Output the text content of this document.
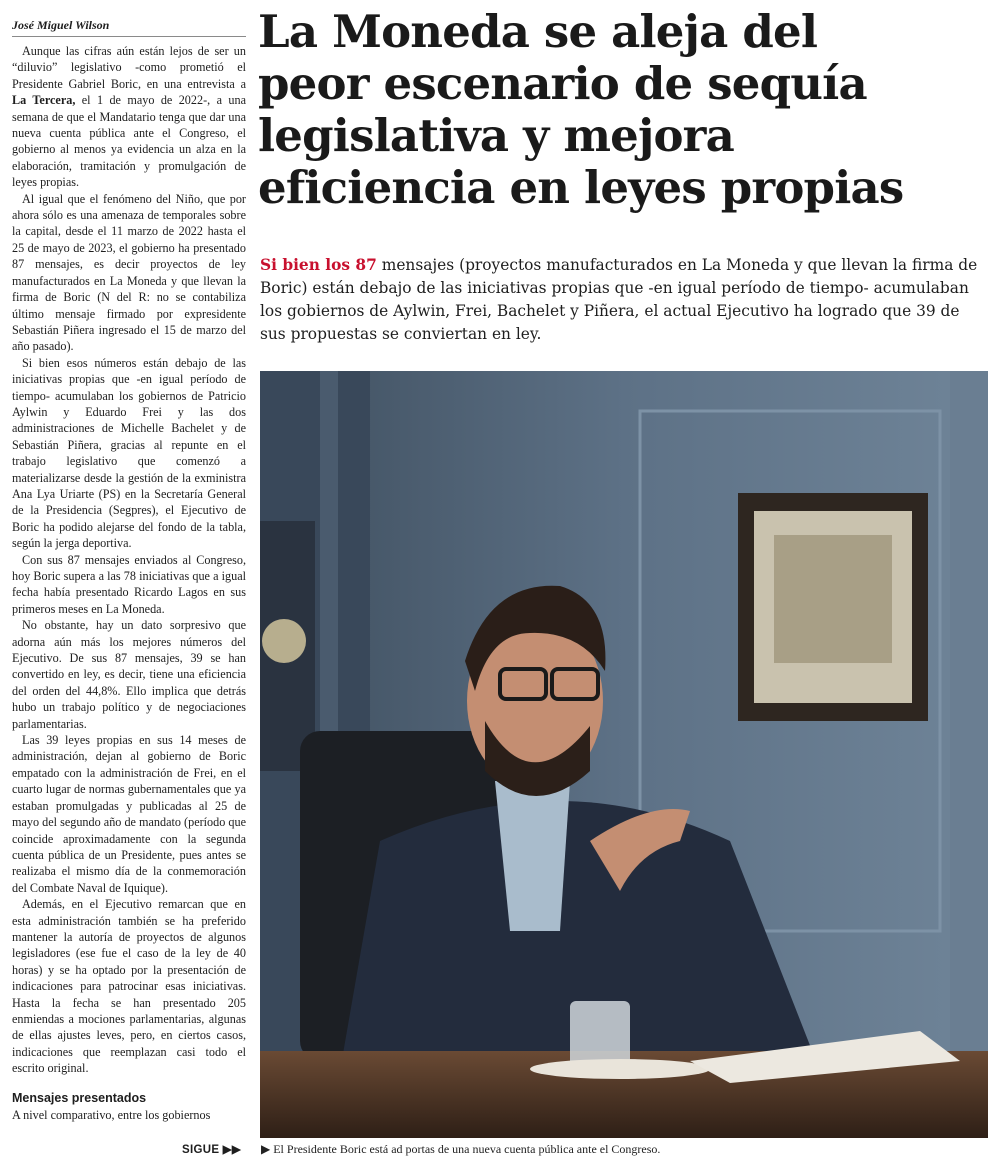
José Miguel Wilson

Aunque las cifras aún están lejos de ser un “diluvio” legislativo -como prometió el Presidente Gabriel Boric, en una entrevista a La Tercera, el 1 de mayo de 2022-, a una semana de que el Mandatario tenga que dar una nueva cuenta pública ante el Congreso, el gobierno al menos ya evidencia un alza en la elaboración, tramitación y promulgación de leyes propias.

Al igual que el fenómeno del Niño, que por ahora sólo es una amenaza de temporales sobre la capital, desde el 11 marzo de 2022 hasta el 25 de mayo de 2023, el gobierno ha presentado 87 mensajes, es decir proyectos de ley manufacturados en La Moneda y que llevan la firma de Boric (N del R: no se contabiliza último mensaje firmado por expresidente Sebastián Piñera ingresado el 15 de marzo del año pasado).

Si bien esos números están debajo de las iniciativas propias que -en igual período de tiempo- acumulaban los gobiernos de Patricio Aylwin y Eduardo Frei y las dos administraciones de Michelle Bachelet y de Sebastián Piñera, gracias al repunte en el trabajo legislativo que comenzó a materializarse desde la gestión de la exministra Ana Lya Uriarte (PS) en la Secretaría General de la Presidencia (Segpres), el Ejecutivo de Boric ha podido alejarse del fondo de la tabla, según la jerga deportiva.

Con sus 87 mensajes enviados al Congreso, hoy Boric supera a las 78 iniciativas que a igual fecha había presentado Ricardo Lagos en sus primeros meses en La Moneda.

No obstante, hay un dato sorpresivo que adorna aún más los mejores números del Ejecutivo. De sus 87 mensajes, 39 se han convertido en ley, es decir, tiene una eficiencia del orden del 44,8%. Ello implica que detrás hubo un trabajo político y de negociaciones parlamentarias.

Las 39 leyes propias en sus 14 meses de administración, dejan al gobierno de Boric empatado con la administración de Frei, en el cuarto lugar de normas gubernamentales que ya estaban promulgadas y publicadas al 25 de mayo del segundo año de mandato (período que coincide aproximadamente con la segunda cuenta pública de un Presidente, pues antes se realizaba el mismo día de la conmemoración del Combate Naval de Iquique).

Además, en el Ejecutivo remarcan que en esta administración también se ha preferido mantener la autoría de proyectos de algunos legisladores (ese fue el caso de la ley de 40 horas) y se ha optado por la presentación de indicaciones para patrocinar esas iniciativas. Hasta la fecha se han presentado 205 enmiendas a mociones parlamentarias, algunas de ellas ajustes leves, pero, en ciertos casos, indicaciones que reemplazan casi todo el escrito original.

Mensajes presentados

A nivel comparativo, entre los gobiernos

La Moneda se aleja del
peor escenario de sequía
legislativa y mejora
eficiencia en leyes propias
Si bien los 87 mensajes (proyectos manufacturados en La Moneda y que llevan la firma de Boric) están debajo de las iniciativas propias que -en igual período de tiempo- acumulaban los gobiernos de Aylwin, Frei, Bachelet y Piñera, el actual Ejecutivo ha logrado que 39 de sus propuestas se conviertan en ley.
SIGUE ▶▶ ▶ El Presidente Boric está ad portas de una nueva cuenta pública ante el Congreso.
